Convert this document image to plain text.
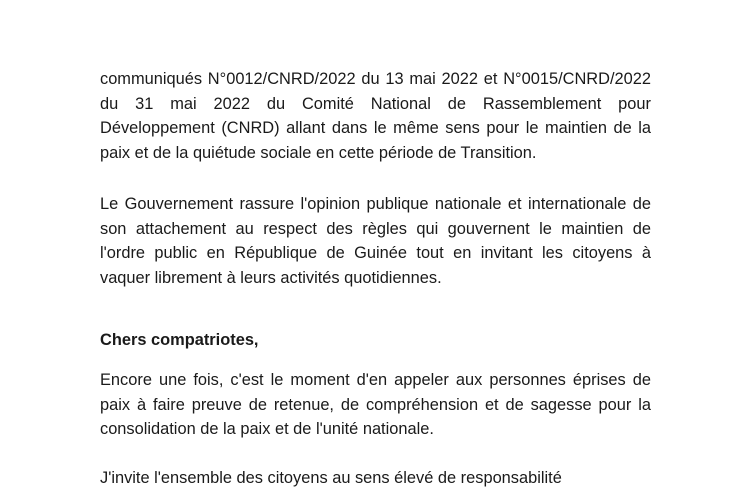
communiqués N°0012/CNRD/2022 du 13 mai 2022 et N°0015/CNRD/2022 du 31 mai 2022 du Comité National de Rassemblement pour Développement (CNRD) allant dans le même sens pour le maintien de la paix et de la quiétude sociale en cette période de Transition.

Le Gouvernement rassure l'opinion publique nationale et internationale de son attachement au respect des règles qui gouvernent le maintien de l'ordre public en République de Guinée tout en invitant les citoyens à vaquer librement à leurs activités quotidiennes.

Chers compatriotes,

Encore une fois, c'est le moment d'en appeler aux personnes éprises de paix à faire preuve de retenue, de compréhension et de sagesse pour la consolidation de la paix et de l'unité nationale.

J'invite l'ensemble des citoyens au sens élevé de responsabilité
